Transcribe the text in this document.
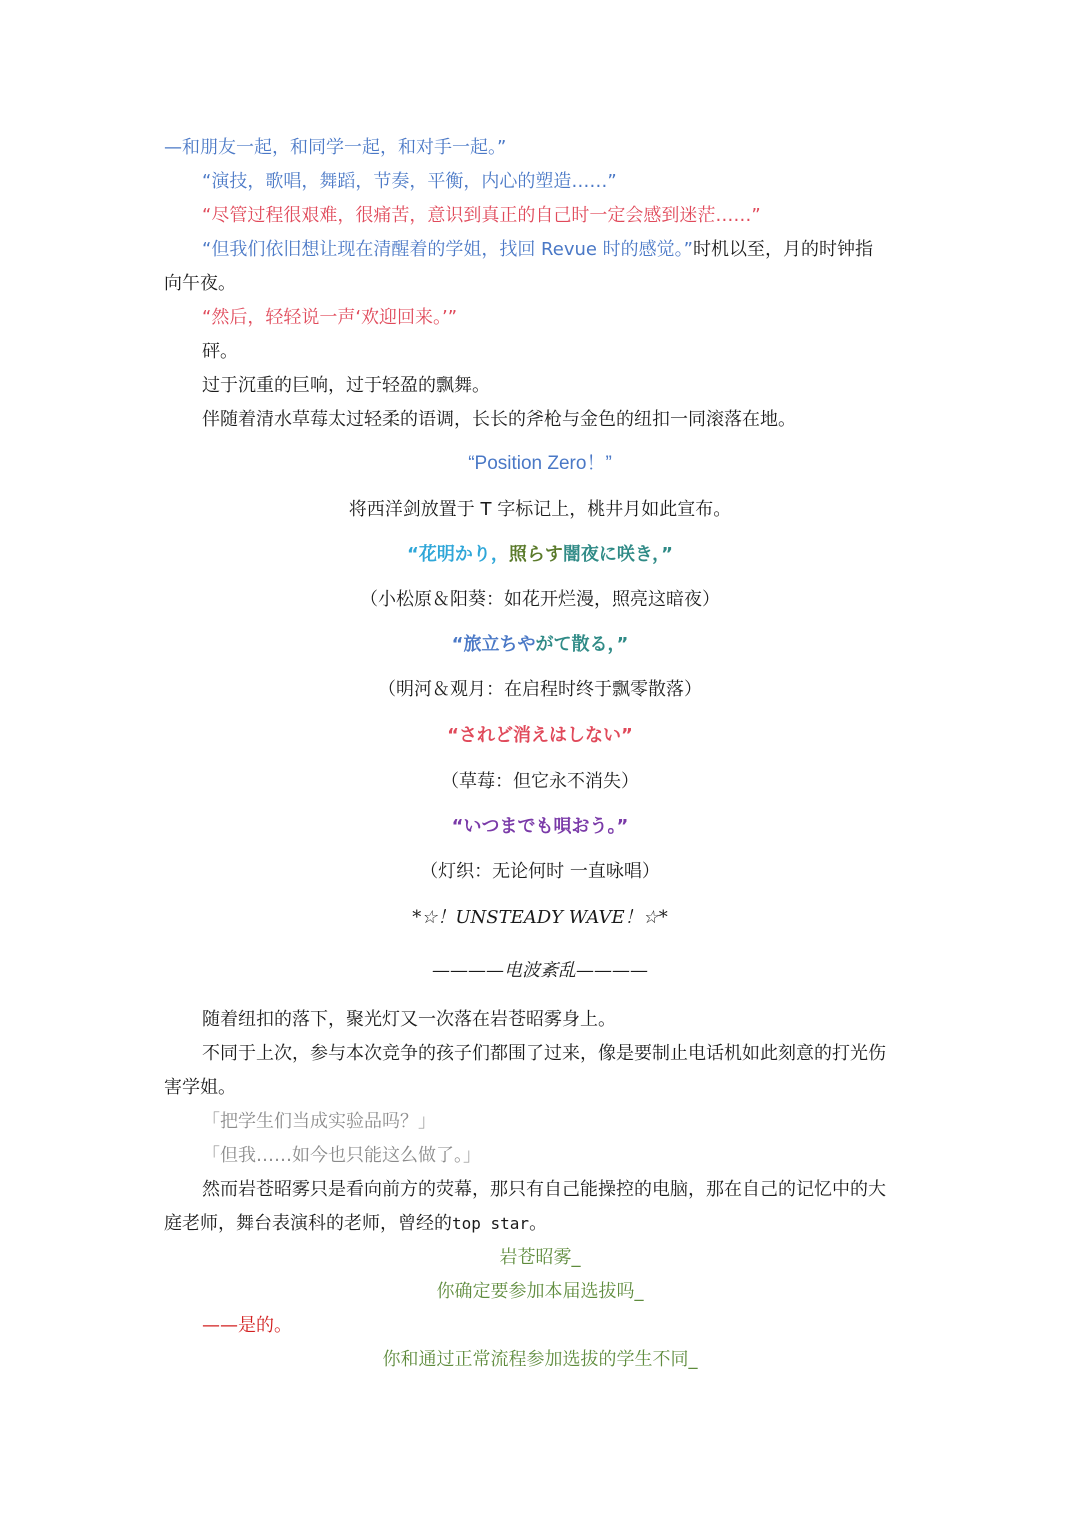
—和朋友一起，和同学一起，和对手一起。”

“演技，歌唱，舞蹈，节奏，平衡，内心的塑造……”

“尽管过程很艰难，很痛苦，意识到真正的自己时一定会感到迷茫……”

“但我们依旧想让现在清醒着的学姐，找回 Revue 时的感觉。”时机以至，月的时钟指

向午夜。

“然后，轻轻说一声‘欢迎回来。’”

砰。

过于沉重的巨响，过于轻盈的飘舞。

伴随着清水草莓太过轻柔的语调，长长的斧枪与金色的纽扣一同滚落在地。

“Position Zero！”

将西洋剑放置于 T 字标记上，桃井月如此宣布。

“花明かり，照らす闇夜に咲き，”

（小松原＆阳葵：如花开烂漫，照亮这暗夜）

“旅立ちやがて散る，”

（明河＆观月：在启程时终于飘零散落）

“されど消えはしない”

（草莓：但它永不消失）

“いつまでも唄おう。”

（灯织：无论何时 一直咏唱）

*☆！UNSTEADY WAVE！☆*

————电波紊乱————

随着纽扣的落下，聚光灯又一次落在岩苍昭雾身上。

不同于上次，参与本次竞争的孩子们都围了过来，像是要制止电话机如此刻意的打光伤

害学姐。

「把学生们当成实验品吗？」

「但我……如今也只能这么做了。」

然而岩苍昭雾只是看向前方的荧幕，那只有自己能操控的电脑，那在自己的记忆中的大

庭老师，舞台表演科的老师，曾经的top star。

岩苍昭雾_

你确定要参加本届选拔吗_

——是的。

你和通过正常流程参加选拔的学生不同_
